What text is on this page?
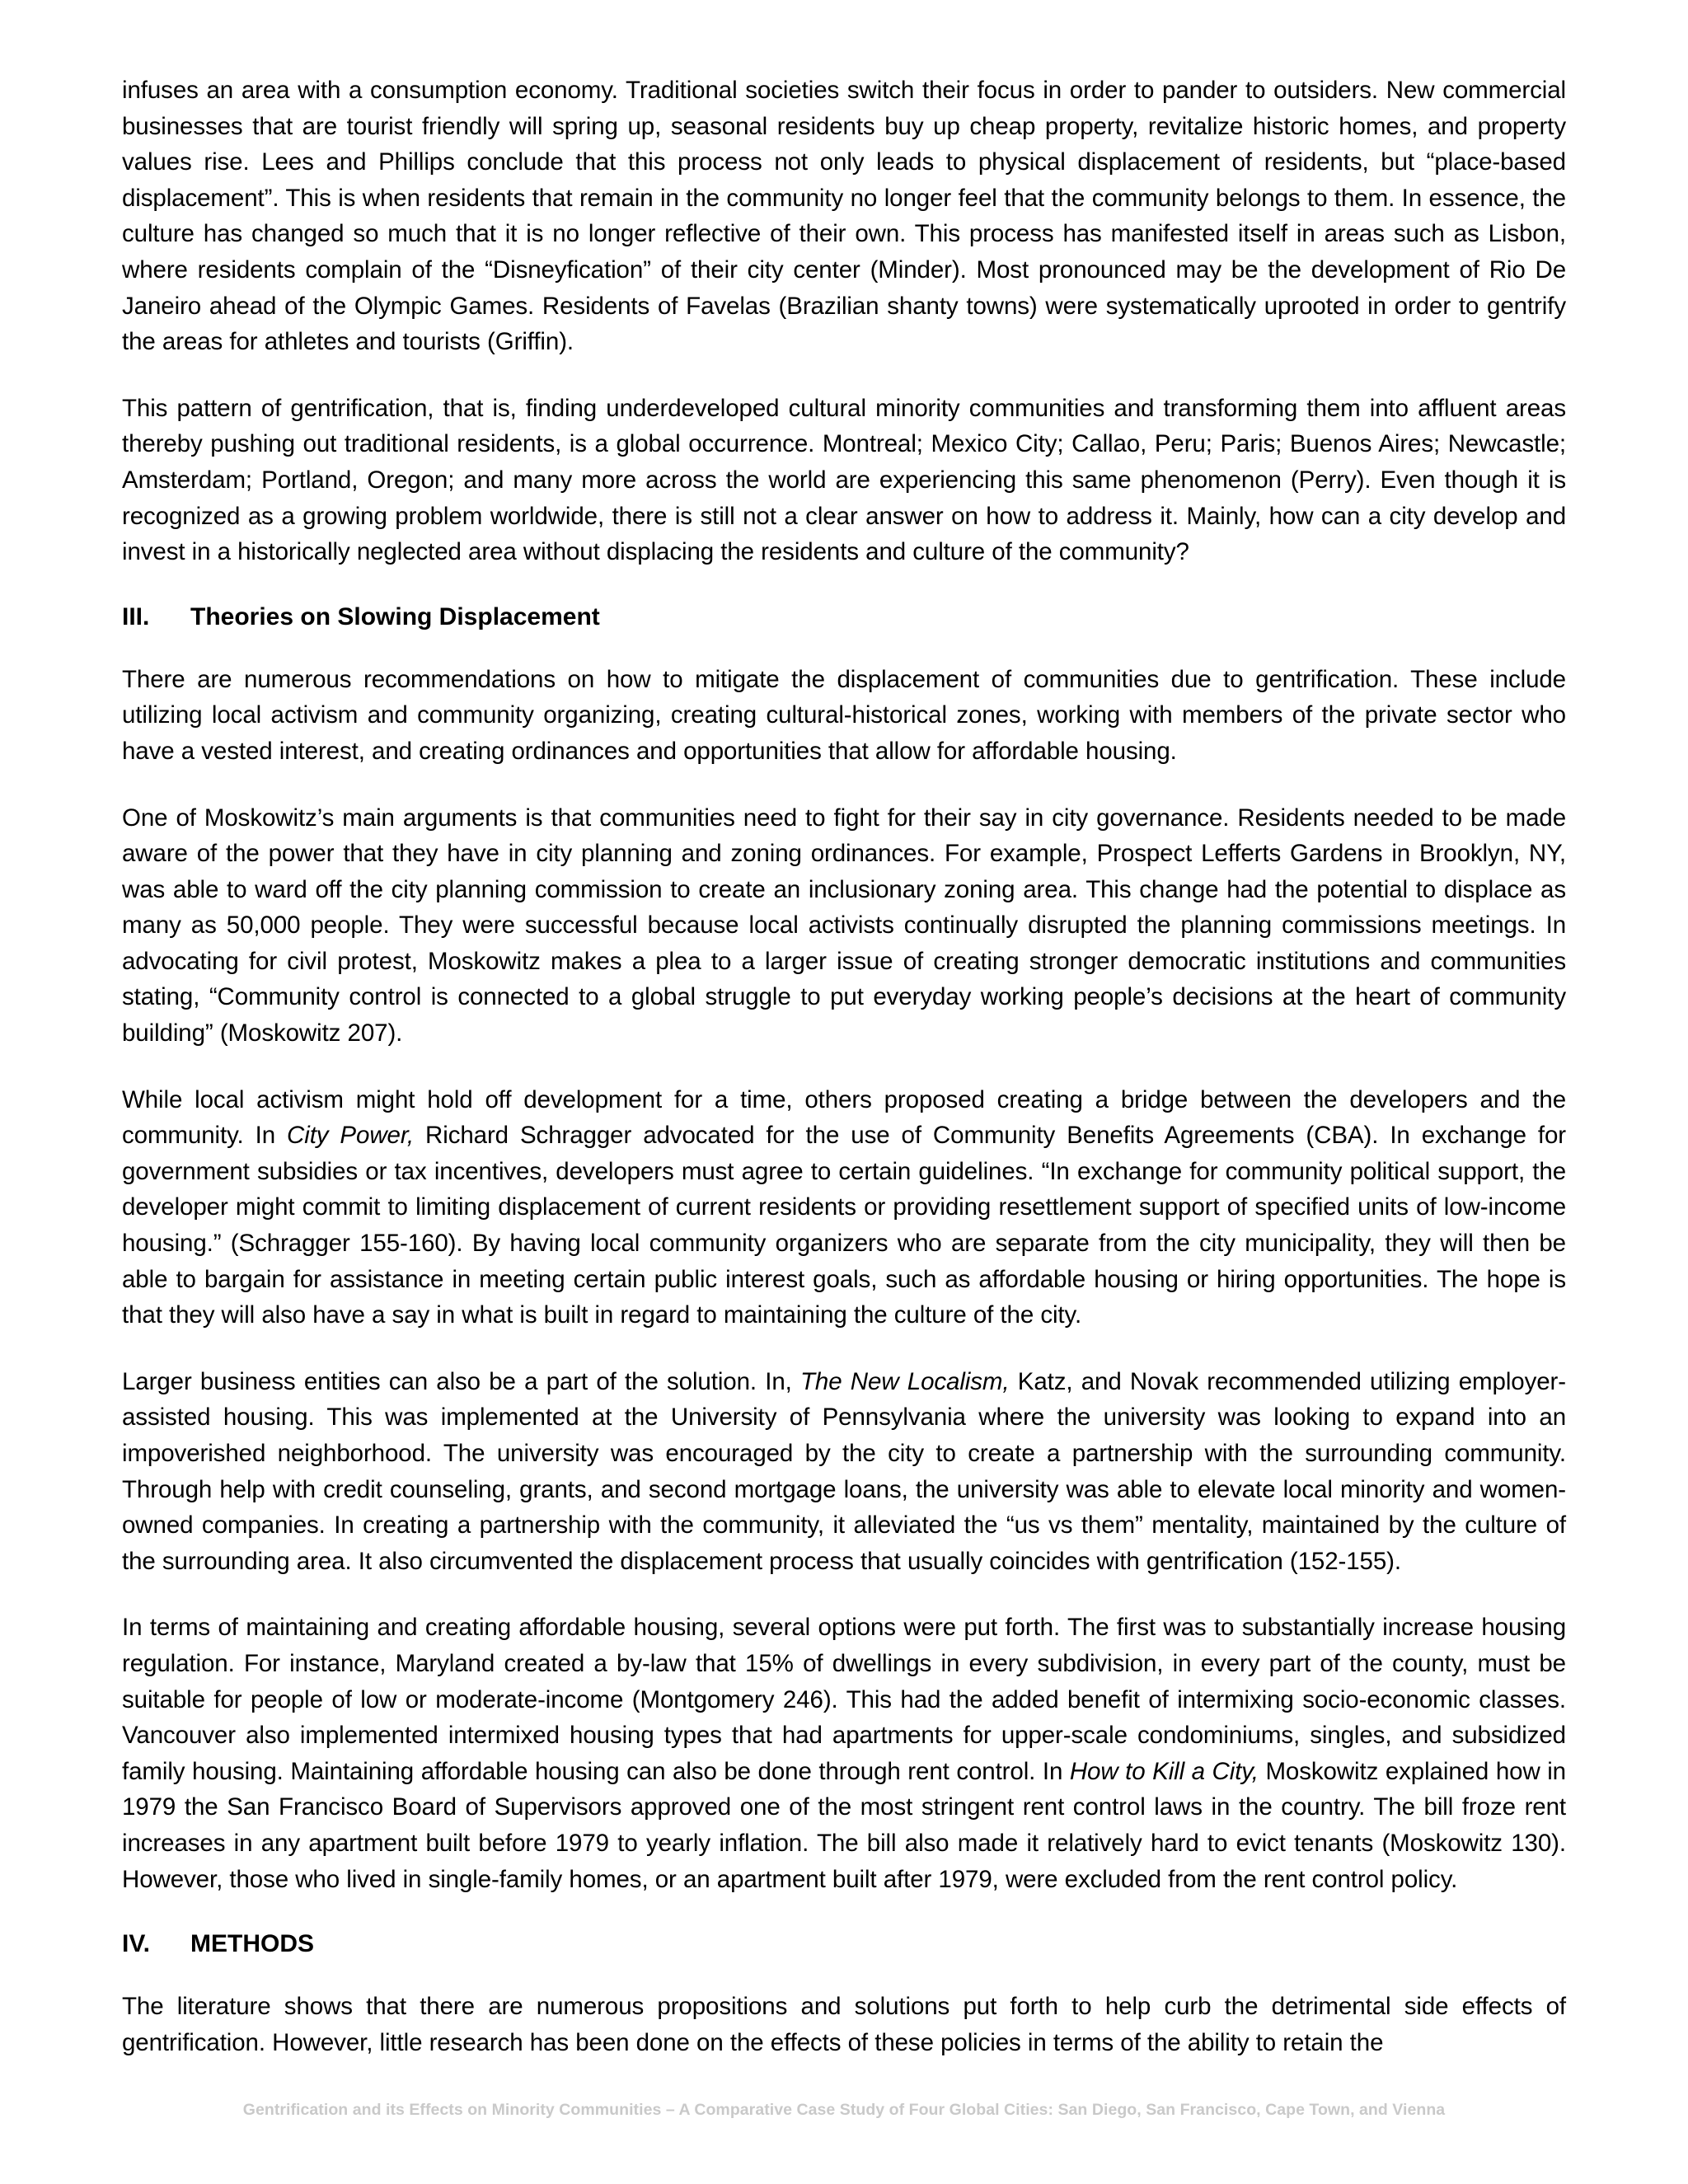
infuses an area with a consumption economy. Traditional societies switch their focus in order to pander to outsiders. New commercial businesses that are tourist friendly will spring up, seasonal residents buy up cheap property, revitalize historic homes, and property values rise. Lees and Phillips conclude that this process not only leads to physical displacement of residents, but “place-based displacement”. This is when residents that remain in the community no longer feel that the community belongs to them. In essence, the culture has changed so much that it is no longer reflective of their own. This process has manifested itself in areas such as Lisbon, where residents complain of the “Disneyfication” of their city center (Minder). Most pronounced may be the development of Rio De Janeiro ahead of the Olympic Games. Residents of Favelas (Brazilian shanty towns) were systematically uprooted in order to gentrify the areas for athletes and tourists (Griffin).

This pattern of gentrification, that is, finding underdeveloped cultural minority communities and transforming them into affluent areas thereby pushing out traditional residents, is a global occurrence. Montreal; Mexico City; Callao, Peru; Paris; Buenos Aires; Newcastle; Amsterdam; Portland, Oregon; and many more across the world are experiencing this same phenomenon (Perry). Even though it is recognized as a growing problem worldwide, there is still not a clear answer on how to address it. Mainly, how can a city develop and invest in a historically neglected area without displacing the residents and culture of the community?

III.	Theories on Slowing Displacement

There are numerous recommendations on how to mitigate the displacement of communities due to gentrification. These include utilizing local activism and community organizing, creating cultural-historical zones, working with members of the private sector who have a vested interest, and creating ordinances and opportunities that allow for affordable housing.

One of Moskowitz’s main arguments is that communities need to fight for their say in city governance. Residents needed to be made aware of the power that they have in city planning and zoning ordinances. For example, Prospect Lefferts Gardens in Brooklyn, NY, was able to ward off the city planning commission to create an inclusionary zoning area. This change had the potential to displace as many as 50,000 people. They were successful because local activists continually disrupted the planning commissions meetings. In advocating for civil protest, Moskowitz makes a plea to a larger issue of creating stronger democratic institutions and communities stating, “Community control is connected to a global struggle to put everyday working people’s decisions at the heart of community building” (Moskowitz 207).

While local activism might hold off development for a time, others proposed creating a bridge between the developers and the community. In City Power, Richard Schragger advocated for the use of Community Benefits Agreements (CBA). In exchange for government subsidies or tax incentives, developers must agree to certain guidelines. “In exchange for community political support, the developer might commit to limiting displacement of current residents or providing resettlement support of specified units of low-income housing.” (Schragger 155-160). By having local community organizers who are separate from the city municipality, they will then be able to bargain for assistance in meeting certain public interest goals, such as affordable housing or hiring opportunities. The hope is that they will also have a say in what is built in regard to maintaining the culture of the city.

Larger business entities can also be a part of the solution. In, The New Localism, Katz, and Novak recommended utilizing employer-assisted housing. This was implemented at the University of Pennsylvania where the university was looking to expand into an impoverished neighborhood. The university was encouraged by the city to create a partnership with the surrounding community. Through help with credit counseling, grants, and second mortgage loans, the university was able to elevate local minority and women-owned companies. In creating a partnership with the community, it alleviated the “us vs them” mentality, maintained by the culture of the surrounding area. It also circumvented the displacement process that usually coincides with gentrification (152-155).

In terms of maintaining and creating affordable housing, several options were put forth. The first was to substantially increase housing regulation. For instance, Maryland created a by-law that 15% of dwellings in every subdivision, in every part of the county, must be suitable for people of low or moderate-income (Montgomery 246). This had the added benefit of intermixing socio-economic classes. Vancouver also implemented intermixed housing types that had apartments for upper-scale condominiums, singles, and subsidized family housing. Maintaining affordable housing can also be done through rent control. In How to Kill a City, Moskowitz explained how in 1979 the San Francisco Board of Supervisors approved one of the most stringent rent control laws in the country. The bill froze rent increases in any apartment built before 1979 to yearly inflation. The bill also made it relatively hard to evict tenants (Moskowitz 130). However, those who lived in single-family homes, or an apartment built after 1979, were excluded from the rent control policy.

IV.	METHODS

The literature shows that there are numerous propositions and solutions put forth to help curb the detrimental side effects of gentrification. However, little research has been done on the effects of these policies in terms of the ability to retain the

Gentrification and its Effects on Minority Communities – A Comparative Case Study of Four Global Cities: San Diego, San Francisco, Cape Town, and Vienna
